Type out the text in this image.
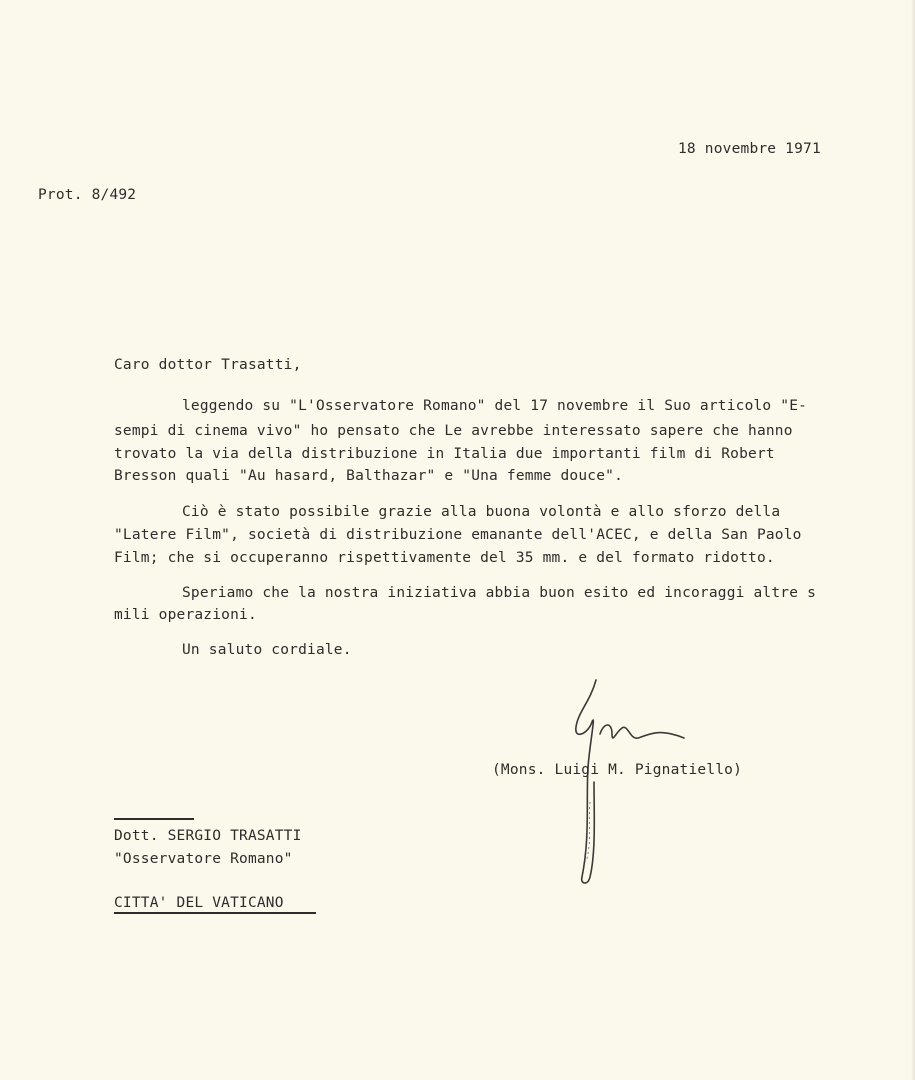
18 novembre 1971
Prot. 8/492
Caro dottor Trasatti,
leggendo su "L'Osservatore Romano" del 17 novembre il Suo articolo "E-
sempi di cinema vivo" ho pensato che Le avrebbe interessato sapere che hanno
trovato la via della distribuzione in Italia due importanti film di Robert
Bresson quali "Au hasard, Balthazar" e "Una femme douce".
Ciò è stato possibile grazie alla buona volontà e allo sforzo della
"Latere Film", società di distribuzione emanante dell'ACEC, e della San Paolo
Film; che si occuperanno rispettivamente del 35 mm. e del formato ridotto.
Speriamo che la nostra iniziativa abbia buon esito ed incoraggi altre s
mili operazioni.
Un saluto cordiale.
(Mons. Luigi M. Pignatiello)
Dott. SERGIO TRASATTI
"Osservatore Romano"
CITTA' DEL VATICANO
